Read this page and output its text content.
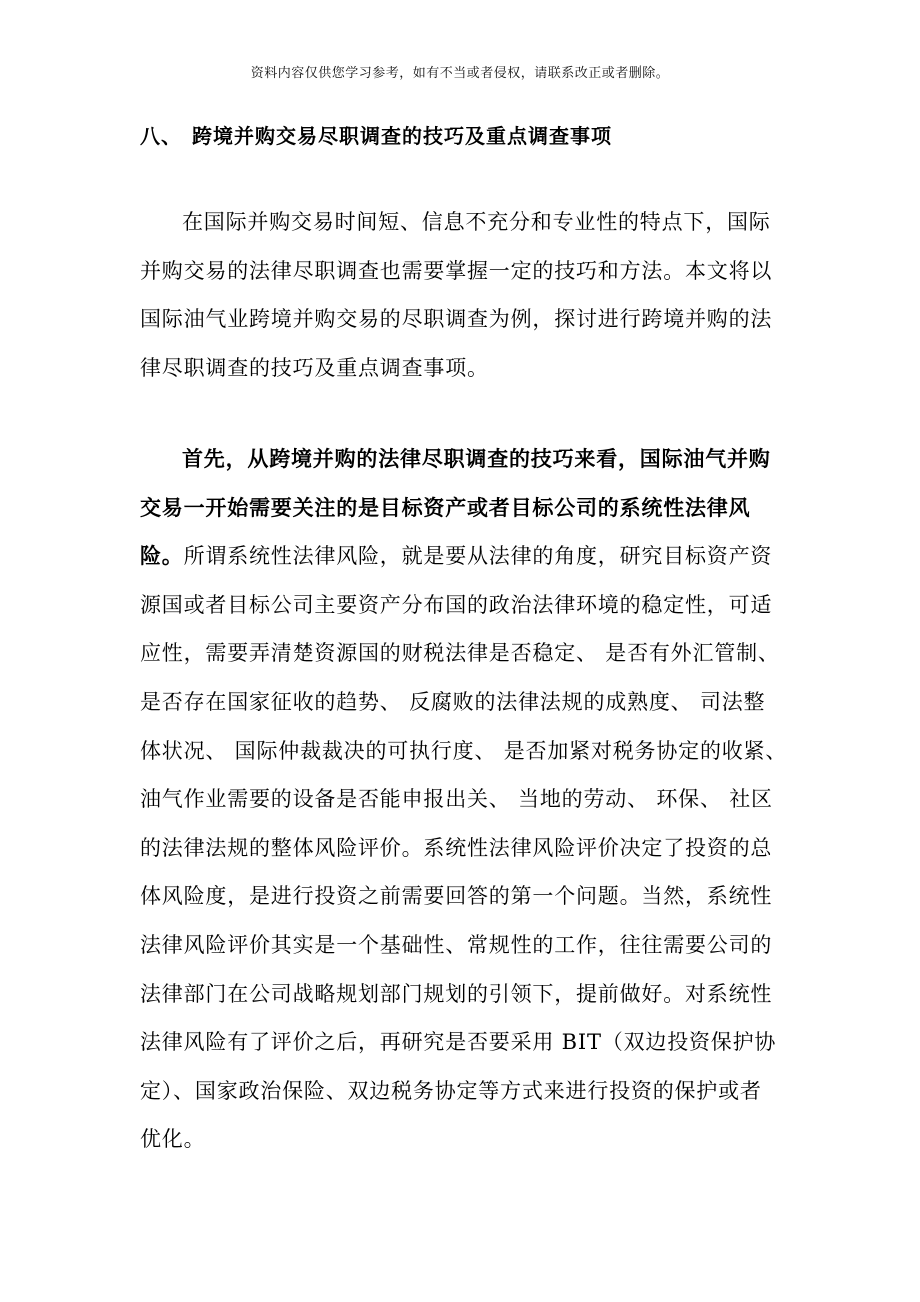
资料内容仅供您学习参考，如有不当或者侵权，请联系改正或者删除。
八、 跨境并购交易尽职调查的技巧及重点调查事项
在国际并购交易时间短、信息不充分和专业性的特点下，国际
并购交易的法律尽职调查也需要掌握一定的技巧和方法。本文将以
国际油气业跨境并购交易的尽职调查为例，探讨进行跨境并购的法
律尽职调查的技巧及重点调查事项。
首先，从跨境并购的法律尽职调查的技巧来看，国际油气并购
交易一开始需要关注的是目标资产或者目标公司的系统性法律风
险。所谓系统性法律风险，就是要从法律的角度，研究目标资产资
源国或者目标公司主要资产分布国的政治法律环境的稳定性，可适
应性，需要弄清楚资源国的财税法律是否稳定、 是否有外汇管制、
是否存在国家征收的趋势、 反腐败的法律法规的成熟度、 司法整
体状况、 国际仲裁裁决的可执行度、 是否加紧对税务协定的收紧、
油气作业需要的设备是否能申报出关、 当地的劳动、 环保、 社区
的法律法规的整体风险评价。系统性法律风险评价决定了投资的总
体风险度，是进行投资之前需要回答的第一个问题。当然，系统性
法律风险评价其实是一个基础性、常规性的工作，往往需要公司的
法律部门在公司战略规划部门规划的引领下，提前做好。对系统性
法律风险有了评价之后，再研究是否要采用 BIT（双边投资保护协
定）、国家政治保险、双边税务协定等方式来进行投资的保护或者
优化。
